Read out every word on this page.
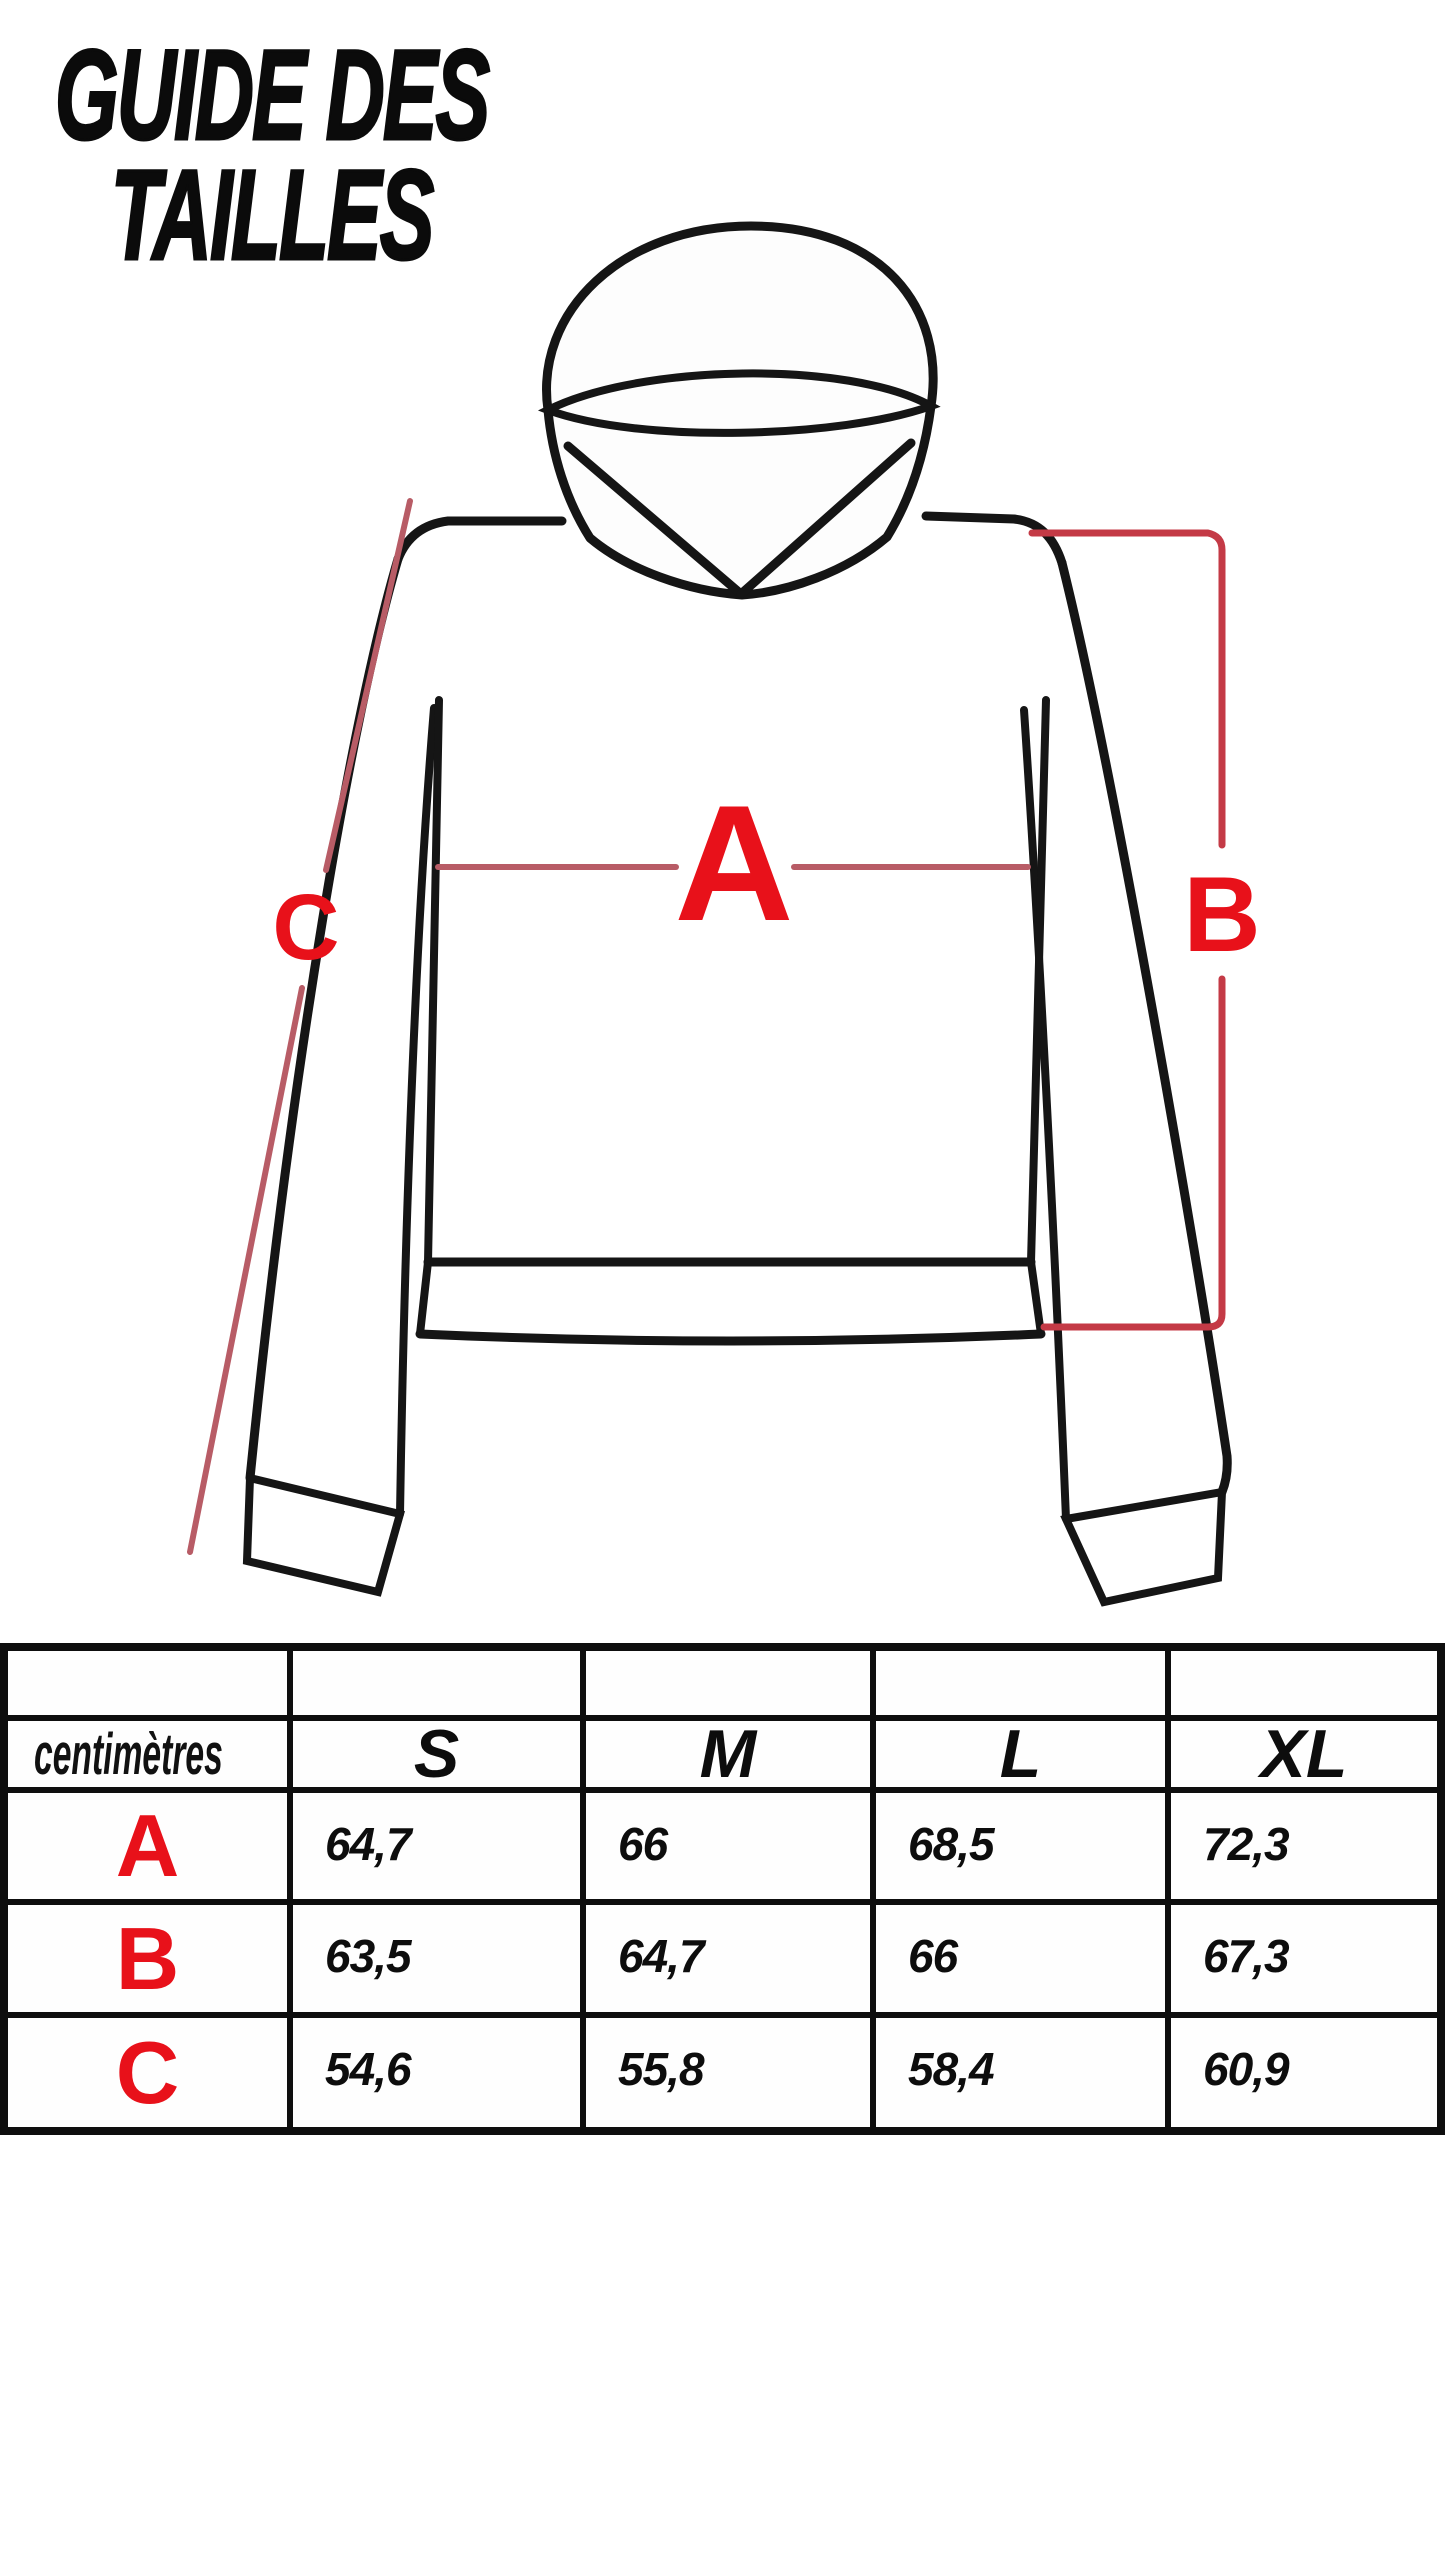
GUIDE DES
TAILLES
A	B
C
centimètres	S	M	L	XL
A	64,7	66	68,5	72,3
B	63,5	64,7	66	67,3
C	54,6	55,8	58,4	60,9
